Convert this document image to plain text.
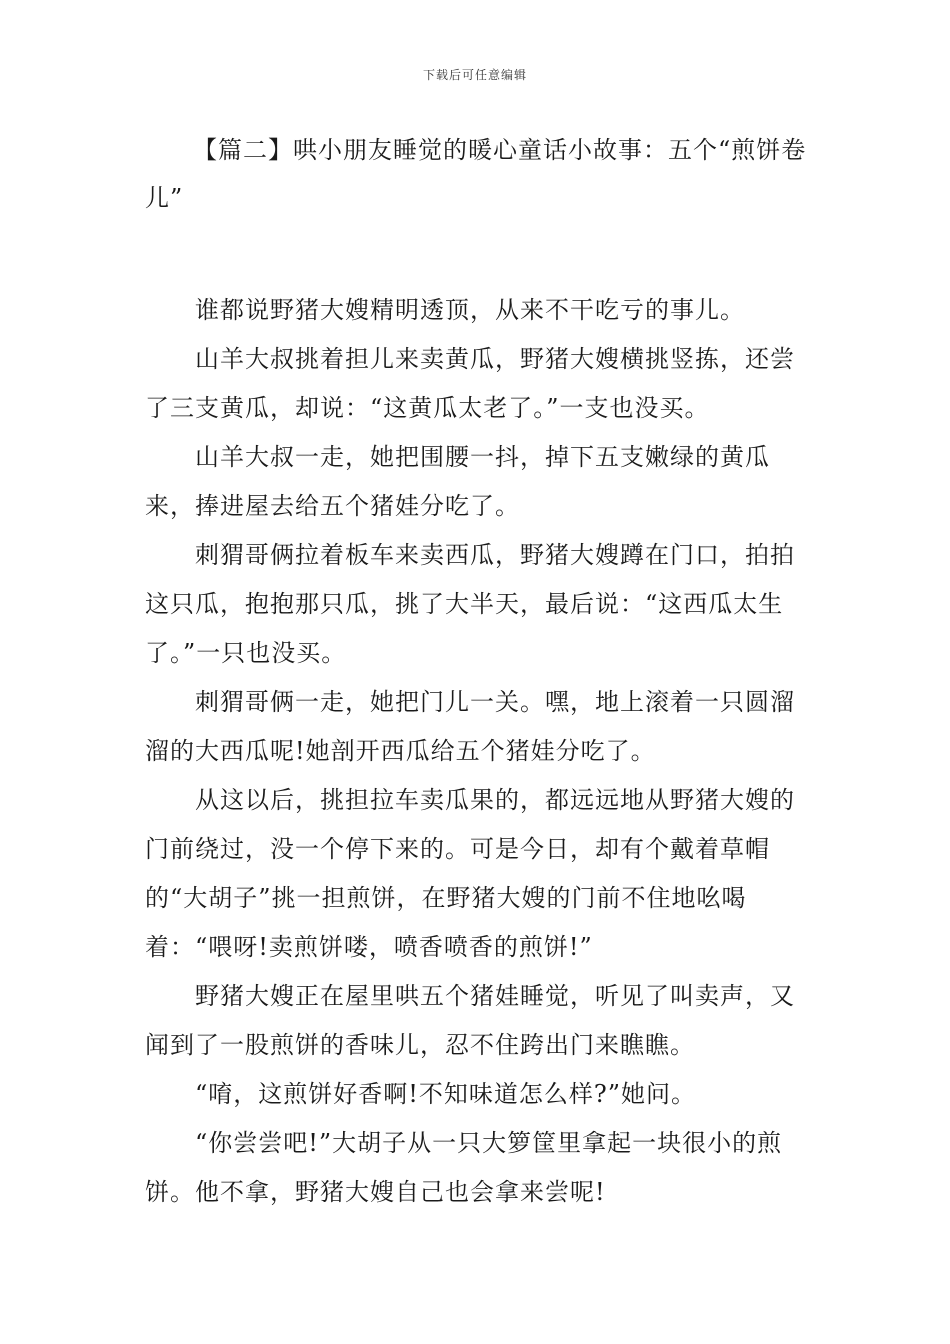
下载后可任意编辑
【篇二】哄小朋友睡觉的暖心童话小故事：五个“煎饼卷儿”

谁都说野猪大嫂精明透顶，从来不干吃亏的事儿。

山羊大叔挑着担儿来卖黄瓜，野猪大嫂横挑竖拣，还尝了三支黄瓜，却说：“这黄瓜太老了。”一支也没买。

山羊大叔一走，她把围腰一抖，掉下五支嫩绿的黄瓜来，捧进屋去给五个猪娃分吃了。

刺猬哥俩拉着板车来卖西瓜，野猪大嫂蹲在门口，拍拍这只瓜，抱抱那只瓜，挑了大半天，最后说：“这西瓜太生了。”一只也没买。

刺猬哥俩一走，她把门儿一关。嘿，地上滚着一只圆溜溜的大西瓜呢!她剖开西瓜给五个猪娃分吃了。

从这以后，挑担拉车卖瓜果的，都远远地从野猪大嫂的门前绕过，没一个停下来的。可是今日，却有个戴着草帽的“大胡子”挑一担煎饼，在野猪大嫂的门前不住地吆喝着：“喂呀!卖煎饼喽，喷香喷香的煎饼!”

野猪大嫂正在屋里哄五个猪娃睡觉，听见了叫卖声，又闻到了一股煎饼的香味儿，忍不住跨出门来瞧瞧。

“唷，这煎饼好香啊!不知味道怎么样?”她问。

“你尝尝吧!”大胡子从一只大箩筐里拿起一块很小的煎饼。他不拿，野猪大嫂自己也会拿来尝呢!
